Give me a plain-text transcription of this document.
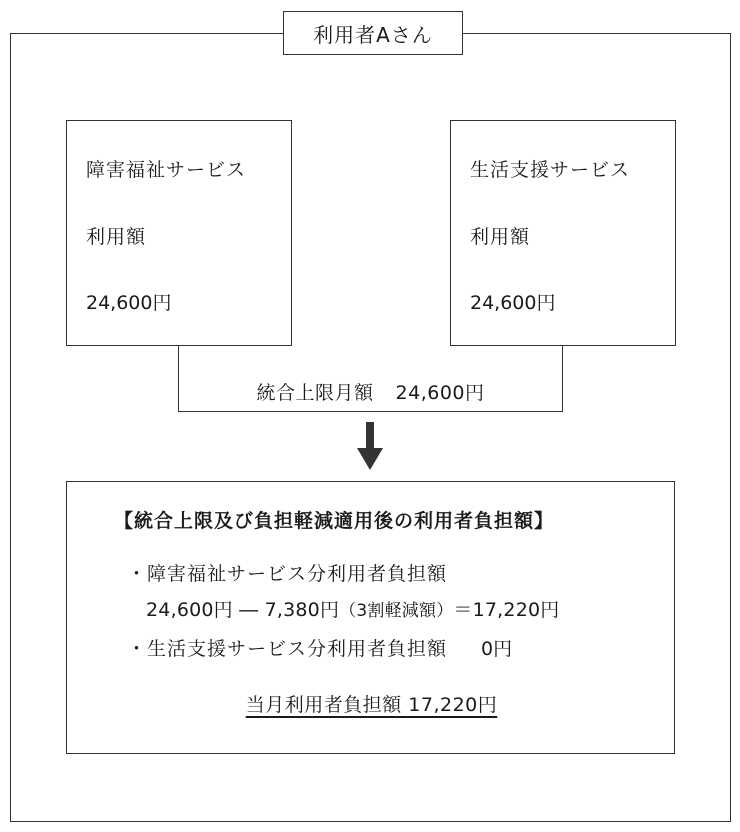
利用者Aさん
障害福祉サービス
利用額
24,600円
生活支援サービス
利用額
24,600円
統合上限月額 24,600円
【統合上限及び負担軽減適用後の利用者負担額】
・障害福祉サービス分利用者負担額
24,600円 ― 7,380円（3割軽減額）＝17,220円
・生活支援サービス分利用者負担額 0円
当月利用者負担額 17,220円
